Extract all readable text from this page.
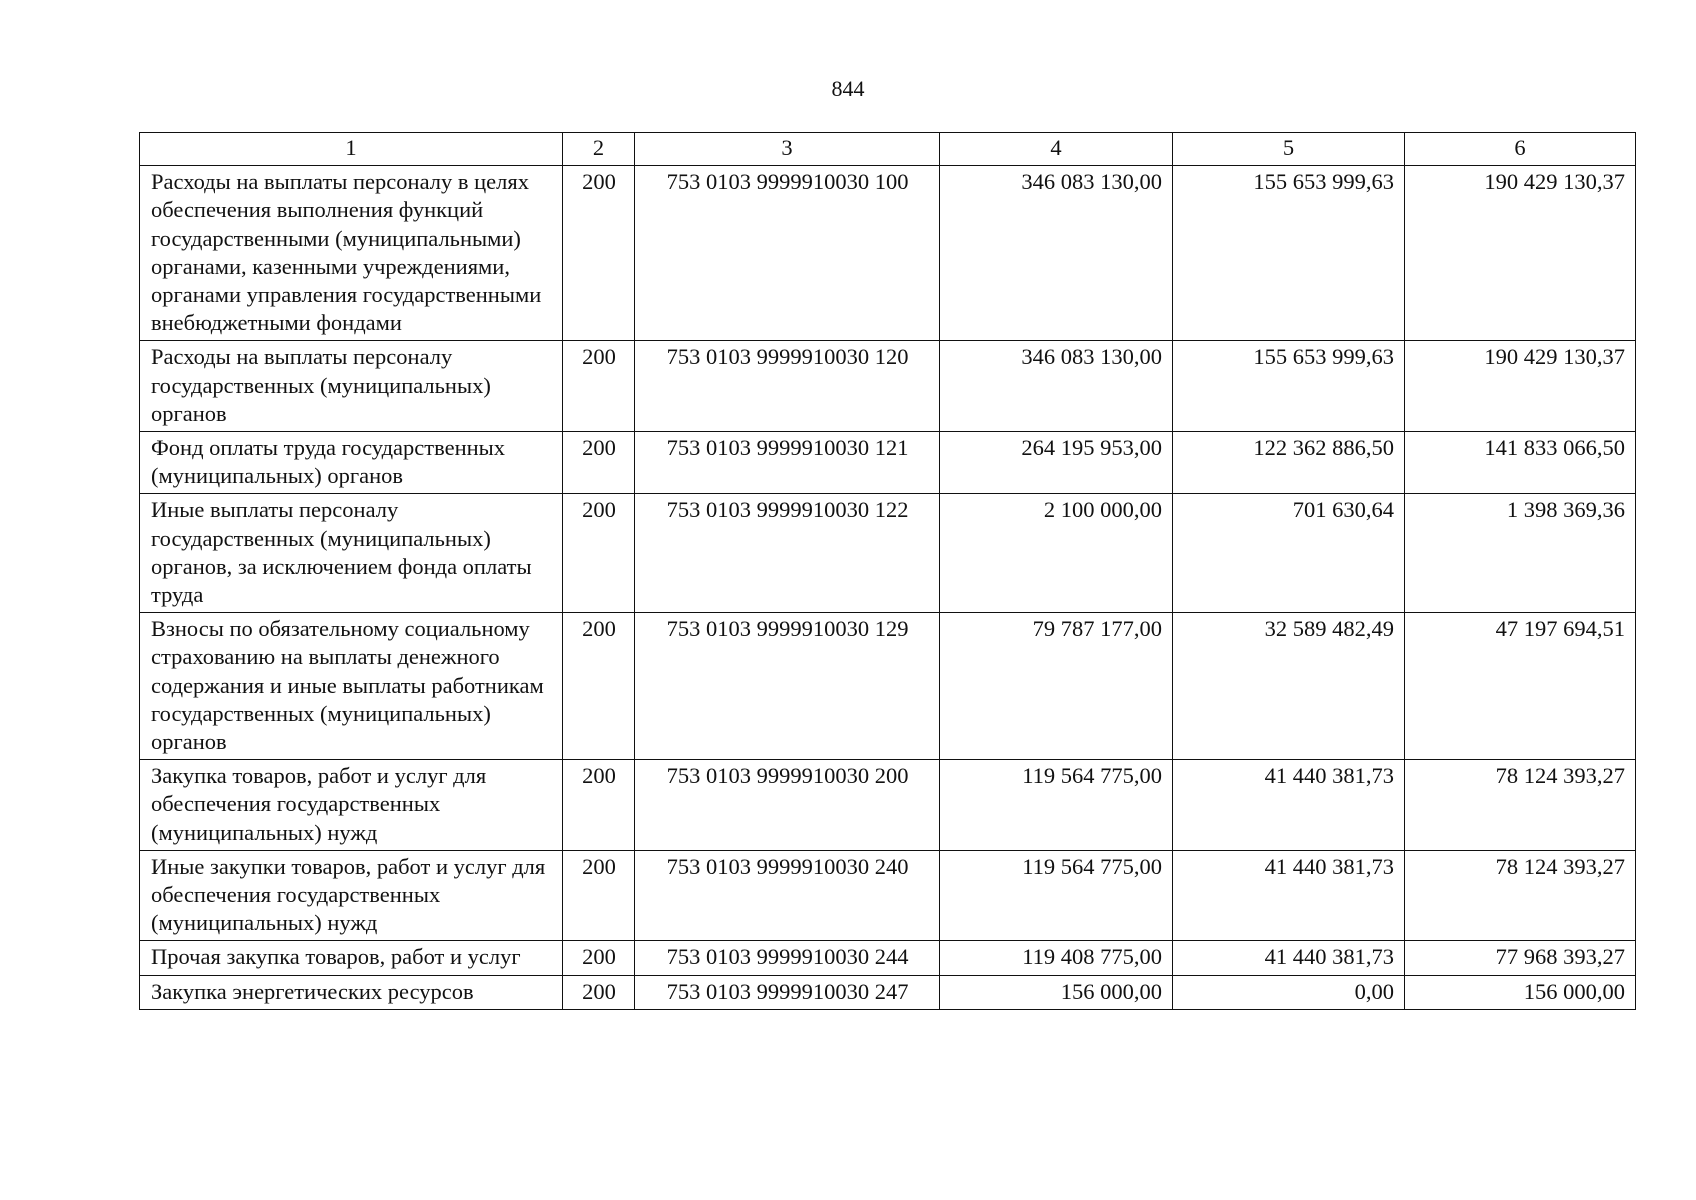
844
1	2	3	4	5	6
Расходы на выплаты персоналу в целях обеспечения выполнения функций государственными (муниципальными) органами, казенными учреждениями, органами управления государственными внебюджетными фондами	200	753 0103 9999910030 100	346 083 130,00	155 653 999,63	190 429 130,37
Расходы на выплаты персоналу государственных (муниципальных) органов	200	753 0103 9999910030 120	346 083 130,00	155 653 999,63	190 429 130,37
Фонд оплаты труда государственных (муниципальных) органов	200	753 0103 9999910030 121	264 195 953,00	122 362 886,50	141 833 066,50
Иные выплаты персоналу государственных (муниципальных) органов, за исключением фонда оплаты труда	200	753 0103 9999910030 122	2 100 000,00	701 630,64	1 398 369,36
Взносы по обязательному социальному страхованию на выплаты денежного содержания и иные выплаты работникам государственных (муниципальных) органов	200	753 0103 9999910030 129	79 787 177,00	32 589 482,49	47 197 694,51
Закупка товаров, работ и услуг для обеспечения государственных (муниципальных) нужд	200	753 0103 9999910030 200	119 564 775,00	41 440 381,73	78 124 393,27
Иные закупки товаров, работ и услуг для обеспечения государственных (муниципальных) нужд	200	753 0103 9999910030 240	119 564 775,00	41 440 381,73	78 124 393,27
Прочая закупка товаров, работ и услуг	200	753 0103 9999910030 244	119 408 775,00	41 440 381,73	77 968 393,27
Закупка энергетических ресурсов	200	753 0103 9999910030 247	156 000,00	0,00	156 000,00
